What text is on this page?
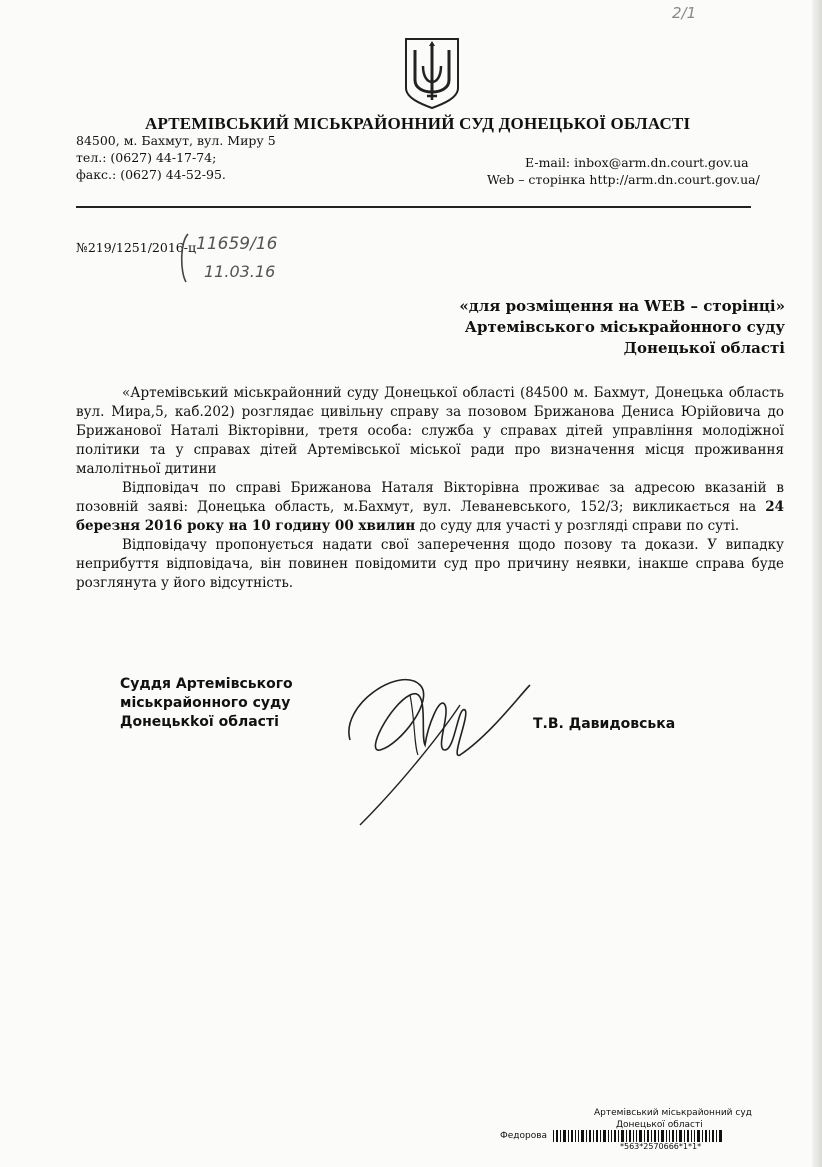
2/1
АРТЕМІВСЬКИЙ МІСЬКРАЙОННИЙ СУД ДОНЕЦЬКОЇ ОБЛАСТІ
84500, м. Бахмут, вул. Миру 5
тел.: (0627) 44-17-74;
факс.: (0627) 44-52-95.
E-mail: inbox@arm.dn.court.gov.ua
Web – сторінка http://arm.dn.court.gov.ua/
№219/1251/2016-ц 11659/16
11.03.16
«для розміщення на WEB – сторінці»
Артемівського міськрайонного суду
Донецької області

«Артемівський міськрайонний суду Донецької області (84500 м. Бахмут, Донецька область вул. Мира,5, каб.202) розглядає цивільну справу за позовом Брижанова Дениса Юрійовича до Брижанової Наталі Вікторівни, третя особа: служба у справах дітей управління молодіжної політики та у справах дітей Артемівської міської ради про визначення місця проживання малолітньої дитини

Відповідач по справі Брижанова Наталя Вікторівна проживає за адресою вказаній в позовній заяві: Донецька область, м.Бахмут, вул. Леваневського, 152/3; викликається на 24 березня 2016 року на 10 годину 00 хвилин до суду для участі у розгляді справи по суті.

Відповідачу пропонується надати свої заперечення щодо позову та докази. У випадку неприбуття відповідача, він повинен повідомити суд про причину неявки, інакше справа буде розглянута у його відсутність.

Суддя Артемівського
міськрайонного суду
Донецькkої області	Т.В. Давидовська
Артемівський міськрайонний суд
Донецької області
Федорова
*563*2570666*1*1*
